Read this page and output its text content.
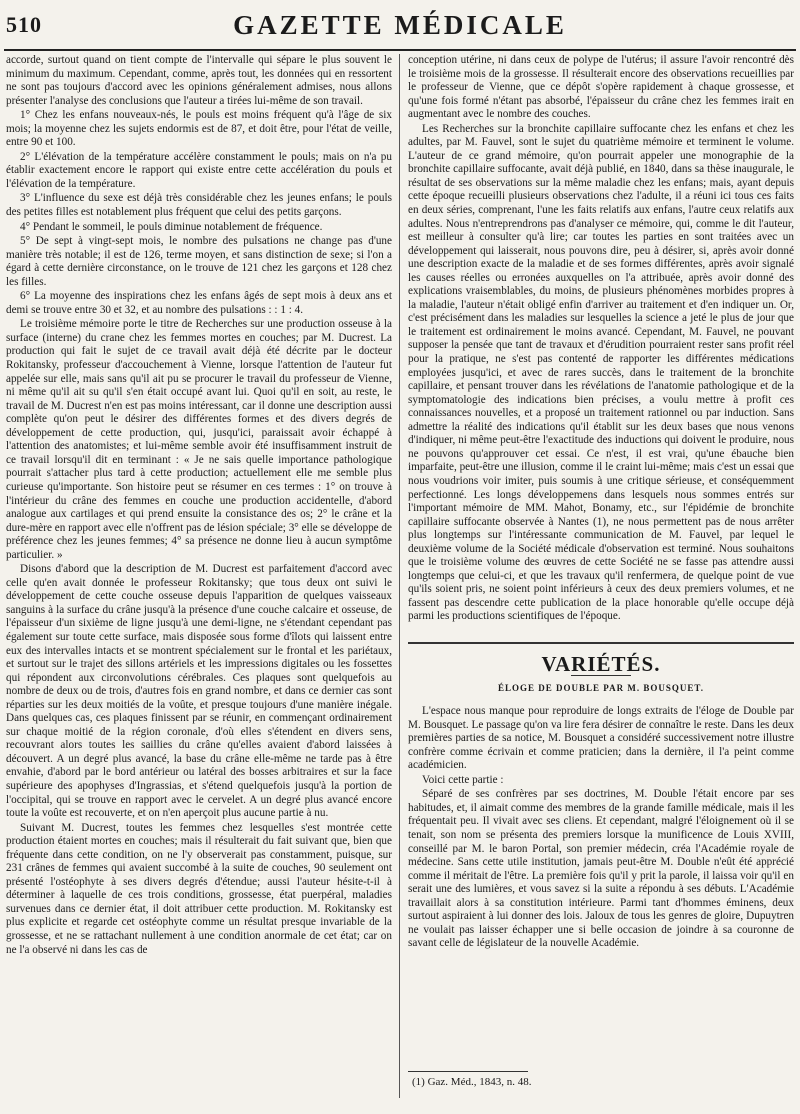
510	GAZETTE MÉDICALE

accorde, surtout quand on tient compte de l'intervalle qui sépare le plus souvent le minimum du maximum. Cependant, comme, après tout, les données qui en ressortent ne sont pas toujours d'accord avec les opinions généralement admises, nous allons présenter l'analyse des conclusions que l'auteur a tirées lui-même de son travail.

1° Chez les enfans nouveaux-nés, le pouls est moins fréquent qu'à l'âge de six mois; la moyenne chez les sujets endormis est de 87, et doit être, pour l'état de veille, entre 90 et 100.

2° L'élévation de la température accélère constamment le pouls; mais on n'a pu établir exactement encore le rapport qui existe entre cette accélération du pouls et l'élévation de la température.

3° L'influence du sexe est déjà très considérable chez les jeunes enfans; le pouls des petites filles est notablement plus fréquent que celui des petits garçons.

4° Pendant le sommeil, le pouls diminue notablement de fréquence.

5° De sept à vingt-sept mois, le nombre des pulsations ne change pas d'une manière très notable; il est de 126, terme moyen, et sans distinction de sexe; si l'on a égard à cette dernière circonstance, on le trouve de 121 chez les garçons et 128 chez les filles.

6° La moyenne des inspirations chez les enfans âgés de sept mois à deux ans et demi se trouve entre 30 et 32, et au nombre des pulsations : : 1 : 4.

Le troisième mémoire porte le titre de Recherches sur une production osseuse à la surface (interne) du crane chez les femmes mortes en couches; par M. Ducrest. La production qui fait le sujet de ce travail avait déjà été décrite par le docteur Rokitansky, professeur d'accouchement à Vienne, lorsque l'attention de l'auteur fut appelée sur elle, mais sans qu'il ait pu se procurer le travail du professeur de Vienne, ni même qu'il ait su qu'il s'en était occupé avant lui. Quoi qu'il en soit, au reste, le travail de M. Ducrest n'en est pas moins intéressant, car il donne une description aussi complète qu'on peut le désirer des différentes formes et des divers degrés de développement de cette production, qui, jusqu'ici, paraissait avoir échappé à l'attention des anatomistes; et lui-même semble avoir été insuffisamment instruit de ce travail lorsqu'il dit en terminant : « Je ne sais quelle importance pathologique pourrait s'attacher plus tard à cette production; actuellement elle me semble plus curieuse qu'importante. Son histoire peut se résumer en ces termes : 1° on trouve à l'intérieur du crâne des femmes en couche une production accidentelle, d'abord analogue aux cartilages et qui prend ensuite la consistance des os; 2° le crâne et la dure-mère en rapport avec elle n'offrent pas de lésion spéciale; 3° elle se développe de préférence chez les jeunes femmes; 4° sa présence ne donne lieu à aucun symptôme particulier. »

Disons d'abord que la description de M. Ducrest est parfaitement d'accord avec celle qu'en avait donnée le professeur Rokitansky; que tous deux ont suivi le développement de cette couche osseuse depuis l'apparition de quelques vaisseaux sanguins à la surface du crâne jusqu'à la présence d'une couche calcaire et osseuse, de l'épaisseur d'un sixième de ligne jusqu'à une demi-ligne, ne s'étendant cependant pas également sur toute cette surface, mais disposée sous forme d'îlots qui laissent entre eux des intervalles intacts et se montrent spécialement sur le frontal et les pariétaux, et surtout sur le trajet des sillons artériels et les impressions digitales ou les fossettes qui répondent aux circonvolutions cérébrales. Ces plaques sont quelquefois au nombre de deux ou de trois, d'autres fois en grand nombre, et dans ce dernier cas sont réparties sur les deux moitiés de la voûte, et presque toujours d'une manière inégale. Dans quelques cas, ces plaques finissent par se réunir, en commençant ordinairement sur chaque moitié de la région coronale, d'où elles s'étendent en divers sens, recouvrant alors toutes les saillies du crâne qu'elles avaient d'abord laissées à découvert. A un degré plus avancé, la base du crâne elle-même ne tarde pas à être envahie, d'abord par le bord antérieur ou latéral des bosses arbitraires et sur la face supérieure des apophyses d'Ingrassias, et s'étend quelquefois jusqu'à la portion de l'occipital, qui se trouve en rapport avec le cervelet. A un degré plus avancé encore toute la voûte est recouverte, et on n'en aperçoit plus aucune partie à nu.

Suivant M. Ducrest, toutes les femmes chez lesquelles s'est montrée cette production étaient mortes en couches; mais il résulterait du fait suivant que, bien que fréquente dans cette condition, on ne l'y observerait pas constamment, puisque, sur 231 crânes de femmes qui avaient succombé à la suite de couches, 90 seulement ont présenté l'ostéophyte à ses divers degrés d'étendue; aussi l'auteur hésite-t-il à déterminer à laquelle de ces trois conditions, grossesse, état puerpéral, maladies survenues dans ce dernier état, il doit attribuer cette production. M. Rokitansky est plus explicite et regarde cet ostéophyte comme un résultat presque invariable de la grossesse, et ne se rattachant nullement à une condition anormale de cet état; car on ne l'a observé ni dans les cas de

conception utérine, ni dans ceux de polype de l'utérus; il assure l'avoir rencontré dès le troisième mois de la grossesse. Il résulterait encore des observations recueillies par le professeur de Vienne, que ce dépôt s'opère rapidement à chaque grossesse, et qu'une fois formé n'étant pas absorbé, l'épaisseur du crâne chez les femmes irait en augmentant avec le nombre des couches.

Les Recherches sur la bronchite capillaire suffocante chez les enfans et chez les adultes, par M. Fauvel, sont le sujet du quatrième mémoire et terminent le volume. L'auteur de ce grand mémoire, qu'on pourrait appeler une monographie de la bronchite capillaire suffocante, avait déjà publié, en 1840, dans sa thèse inaugurale, le résultat de ses observations sur la même maladie chez les enfans; mais, ayant depuis cette époque recueilli plusieurs observations chez l'adulte, il a réuni ici tous ces faits en deux séries, comprenant, l'une les faits relatifs aux enfans, l'autre ceux relatifs aux adultes. Nous n'entreprendrons pas d'analyser ce mémoire, qui, comme le dit l'auteur, est meilleur à consulter qu'à lire; car toutes les parties en sont traitées avec un développement qui laisserait, nous pouvons dire, peu à désirer, si, après avoir donné une description exacte de la maladie et de ses formes différentes, après avoir signalé les causes réelles ou erronées auxquelles on l'a attribuée, après avoir donné des explications vraisemblables, du moins, de plusieurs phénomènes morbides propres à la maladie, l'auteur n'était obligé enfin d'arriver au traitement et d'en indiquer un. Or, c'est précisément dans les maladies sur lesquelles la science a jeté le plus de jour que le traitement est ordinairement le moins avancé. Cependant, M. Fauvel, ne pouvant supposer la pensée que tant de travaux et d'érudition pourraient rester sans profit réel pour la pratique, ne s'est pas contenté de rapporter les différentes médications employées jusqu'ici, et avec de rares succès, dans le traitement de la bronchite capillaire, et pensant trouver dans les révélations de l'anatomie pathologique et de la symptomatologie des indications bien précises, a voulu mettre à profit ces connaissances nouvelles, et a proposé un traitement rationnel ou par induction. Sans admettre la réalité des indications qu'il établit sur les deux bases que nous venons d'indiquer, ni même peut-être l'exactitude des inductions qui doivent le produire, nous ne pouvons qu'approuver cet essai. Ce n'est, il est vrai, qu'une ébauche bien imparfaite, peut-être une illusion, comme il le craint lui-même; mais c'est un essai que nous voudrions voir imiter, puis soumis à une critique sérieuse, et conséquemment perfectionné. Les longs développemens dans lesquels nous sommes entrés sur l'important mémoire de MM. Mahot, Bonamy, etc., sur l'épidémie de bronchite capillaire suffocante observée à Nantes (1), ne nous permettent pas de nous arrêter plus longtemps sur l'intéressante communication de M. Fauvel, par lequel le deuxième volume de la Société médicale d'observation est terminé. Nous souhaitons que le troisième volume des œuvres de cette Société ne se fasse pas attendre aussi longtemps que celui-ci, et que les travaux qu'il renfermera, de quelque point de vue qu'ils soient pris, ne soient point inférieurs à ceux des deux premiers volumes, et ne fassent pas descendre cette publication de la place honorable qu'elle occupe déjà parmi les productions scientifiques de l'époque.

VARIÉTÉS.
ÉLOGE DE DOUBLE PAR M. BOUSQUET.

L'espace nous manque pour reproduire de longs extraits de l'éloge de Double par M. Bousquet. Le passage qu'on va lire fera désirer de connaître le reste. Dans les deux premières parties de sa notice, M. Bousquet a considéré successivement notre illustre confrère comme écrivain et comme praticien; dans la dernière, il l'a peint comme académicien.

Voici cette partie :

Séparé de ses confrères par ses doctrines, M. Double l'était encore par ses habitudes, et, il aimait comme des membres de la grande famille médicale, mais il les fréquentait peu. Il vivait avec ses cliens. Et cependant, malgré l'éloignement où il se tenait, son nom se présenta des premiers lorsque la munificence de Louis XVIII, conseillé par M. le baron Portal, son premier médecin, créa l'Académie royale de médecine. Sans cette utile institution, jamais peut-être M. Double n'eût été apprécié comme il méritait de l'être. La première fois qu'il y prit la parole, il laissa voir qu'il en serait une des lumières, et vous savez si la suite a répondu à ses débuts. L'Académie travaillait alors à sa constitution intérieure. Parmi tant d'hommes éminens, deux surtout aspiraient à lui donner des lois. Jaloux de tous les genres de gloire, Dupuytren ne voulait pas laisser échapper une si belle occasion de joindre à sa couronne de savant celle de législateur de la nouvelle Académie.

(1) Gaz. Méd., 1843, n. 48.
